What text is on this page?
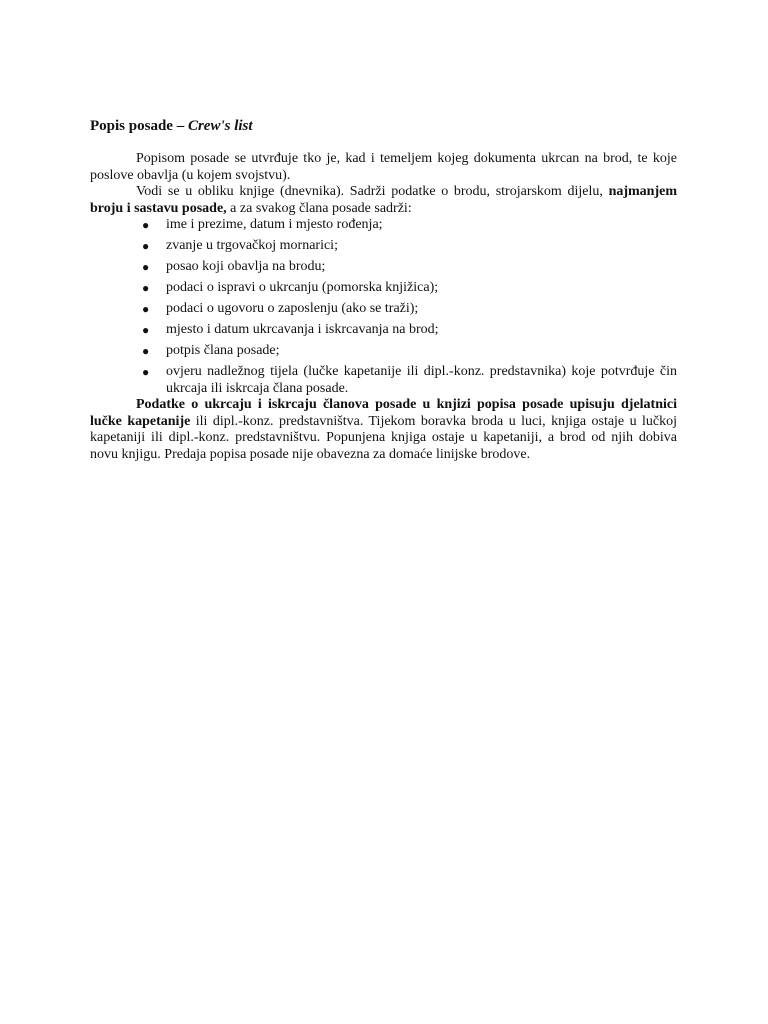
Popis posade – Crew's list

Popisom posade se utvrđuje tko je, kad i temeljem kojeg dokumenta ukrcan na brod, te koje poslove obavlja (u kojem svojstvu).

Vodi se u obliku knjige (dnevnika). Sadrži podatke o brodu, strojarskom dijelu, najmanjem broju i sastavu posade, a za svakog člana posade sadrži:

● ime i prezime, datum i mjesto rođenja;
● zvanje u trgovačkoj mornarici;
● posao koji obavlja na brodu;
● podaci o ispravi o ukrcanju (pomorska knjižica);
● podaci o ugovoru o zaposlenju (ako se traži);
● mjesto i datum ukrcavanja i iskrcavanja na brod;
● potpis člana posade;
● ovjeru nadležnog tijela (lučke kapetanije ili dipl.-konz. predstavnika) koje potvrđuje čin ukrcaja ili iskrcaja člana posade.

Podatke o ukrcaju i iskrcaju članova posade u knjizi popisa posade upisuju djelatnici lučke kapetanije ili dipl.-konz. predstavništva. Tijekom boravka broda u luci, knjiga ostaje u lučkoj kapetaniji ili dipl.-konz. predstavništvu. Popunjena knjiga ostaje u kapetaniji, a brod od njih dobiva novu knjigu. Predaja popisa posade nije obavezna za domaće linijske brodove.
